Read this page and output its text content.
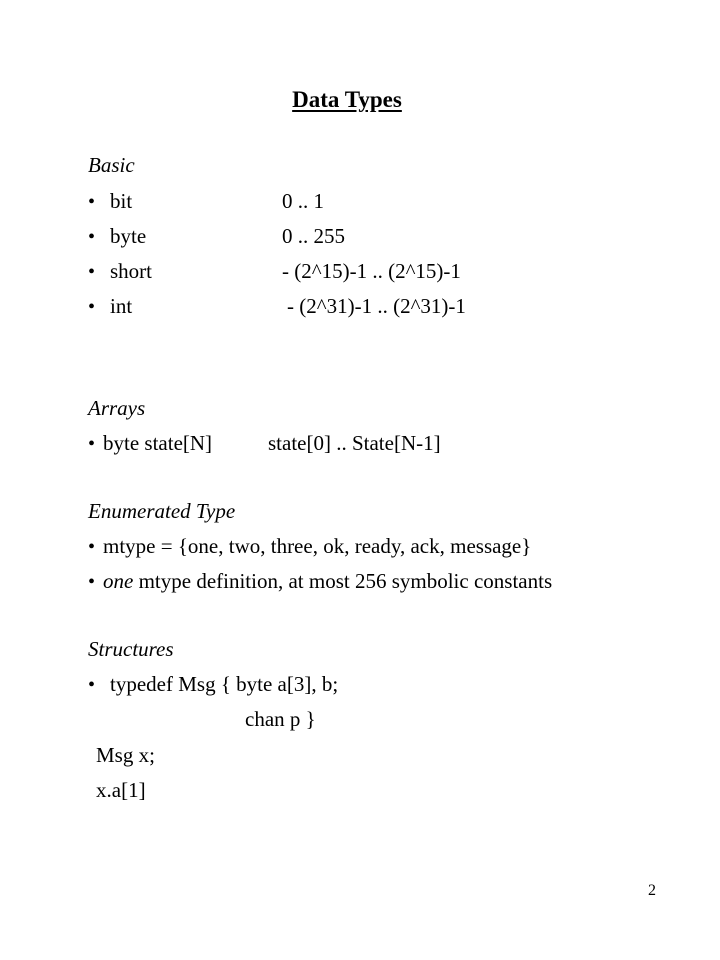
Data Types
Basic
• bit	0 .. 1
• byte	0 .. 255
• short	- (2^15)-1 .. (2^15)-1
• int	- (2^31)-1 .. (2^31)-1
Arrays
• byte state[N]	state[0] .. State[N-1]
Enumerated Type
• mtype = {one, two, three, ok, ready, ack, message}
• one mtype definition, at most 256 symbolic constants
Structures
• typedef Msg { byte a[3], b;
chan p }
Msg x;
x.a[1]
2
